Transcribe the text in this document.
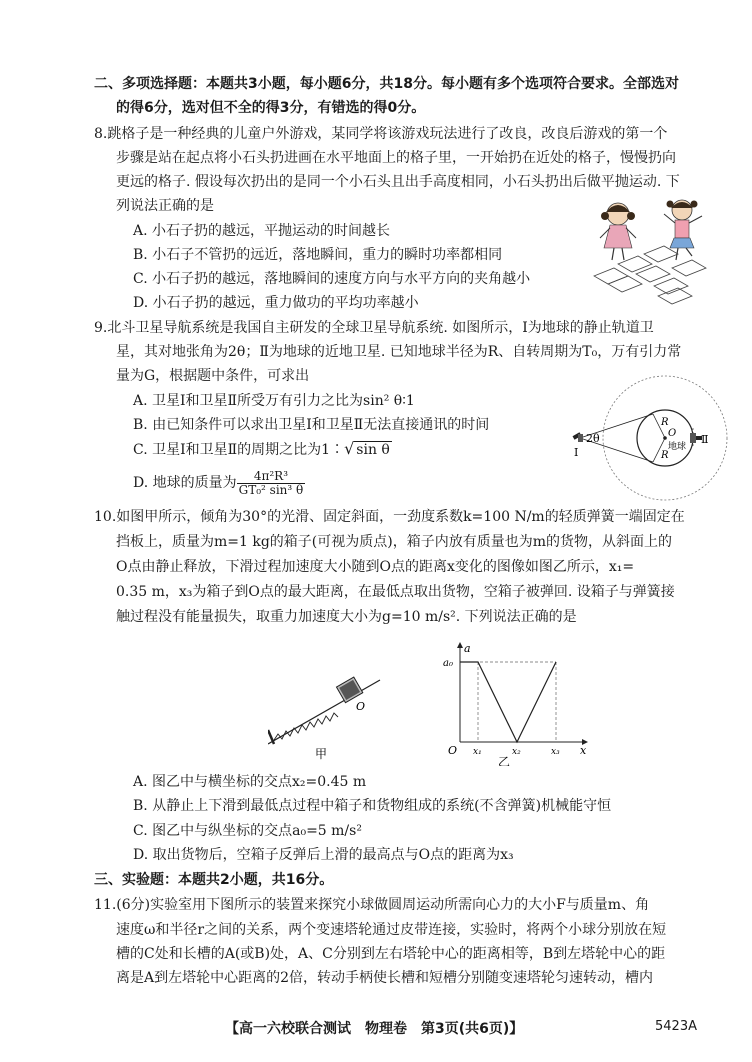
二、多项选择题：本题共3小题，每小题6分，共18分。每小题有多个选项符合要求。全部选对
的得6分，选对但不全的得3分，有错选的得0分。
8.跳格子是一种经典的儿童户外游戏，某同学将该游戏玩法进行了改良，改良后游戏的第一个
步骤是站在起点将小石头扔进画在水平地面上的格子里，一开始扔在近处的格子，慢慢扔向
更远的格子. 假设每次扔出的是同一个小石头且出手高度相同，小石头扔出后做平抛运动. 下
列说法正确的是
A. 小石子扔的越远，平抛运动的时间越长
B. 小石子不管扔的远近，落地瞬间，重力的瞬时功率都相同
C. 小石子扔的越远，落地瞬间的速度方向与水平方向的夹角越小
D. 小石子扔的越远，重力做功的平均功率越小
9.北斗卫星导航系统是我国自主研发的全球卫星导航系统. 如图所示，Ⅰ为地球的静止轨道卫
星，其对地张角为2θ；Ⅱ为地球的近地卫星. 已知地球半径为R、自转周期为T₀，万有引力常
量为G，根据题中条件，可求出
A. 卫星Ⅰ和卫星Ⅱ所受万有引力之比为sin² θ∶1
B. 由已知条件可以求出卫星Ⅰ和卫星Ⅱ无法直接通讯的时间
C. 卫星Ⅰ和卫星Ⅱ的周期之比为1∶√ sin θ
D. 地球的质量为 $\frac{\text{4π²R³}}{\text{GT₀² sin³ θ}}$
2θ
Ⅰ
Ⅱ
R
R
O
地球
10.如图甲所示，倾角为30°的光滑、固定斜面，一劲度系数k=100 N/m的轻质弹簧一端固定在
挡板上，质量为m=1 kg的箱子(可视为质点)，箱子内放有质量也为m的货物，从斜面上的
O点由静止释放，下滑过程加速度大小随到O点的距离x变化的图像如图乙所示，x₁=
0.35 m，x₃为箱子到O点的最大距离，在最低点取出货物，空箱子被弹回. 设箱子与弹簧接
触过程没有能量损失，取重力加速度大小为g=10 m/s². 下列说法正确的是
O
甲
a
a₀
O	x
x₁	x₂	x₃
乙
A. 图乙中与横坐标的交点x₂=0.45 m
B. 从静止上下滑到最低点过程中箱子和货物组成的系统(不含弹簧)机械能守恒
C. 图乙中与纵坐标的交点a₀=5 m/s²
D. 取出货物后，空箱子反弹后上滑的最高点与O点的距离为x₃
三、实验题：本题共2小题，共16分。
11.(6分)实验室用下图所示的装置来探究小球做圆周运动所需向心力的大小F与质量m、角
速度ω和半径r之间的关系，两个变速塔轮通过皮带连接，实验时，将两个小球分别放在短
槽的C处和长槽的A(或B)处，A、C分别到左右塔轮中心的距离相等，B到左塔轮中心的距
离是A到左塔轮中心距离的2倍，转动手柄使长槽和短槽分别随变速塔轮匀速转动，槽内
【高一六校联合测试　物理卷　第3页(共6页)】	5423A
